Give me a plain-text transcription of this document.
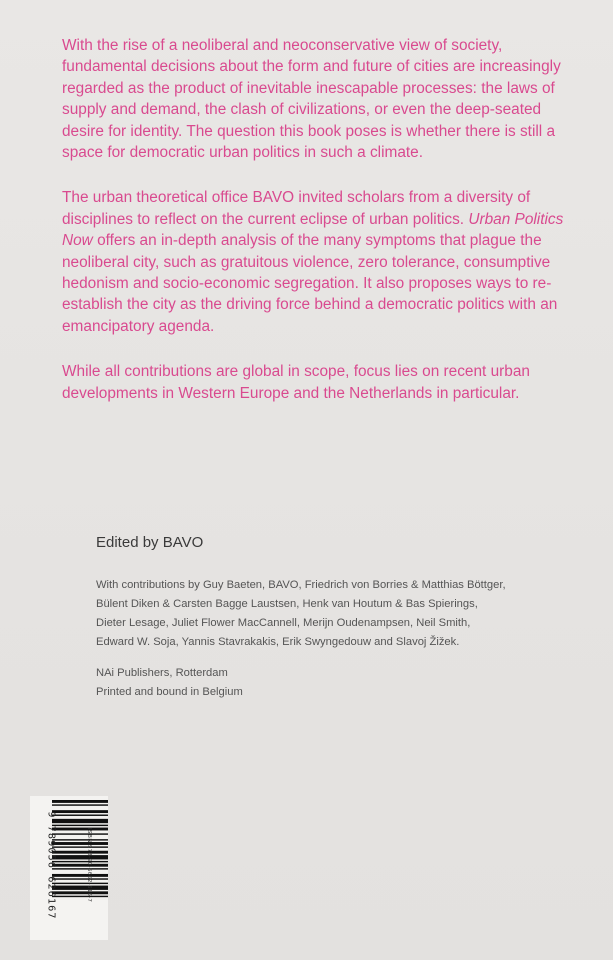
With the rise of a neoliberal and neoconservative view of society, fundamental decisions about the form and future of cities are increasingly regarded as the product of inevitable inescapable processes: the laws of supply and demand, the clash of civilizations, or even the deep-seated desire for identity. The question this book poses is whether there is still a space for democratic urban politics in such a climate.

The urban theoretical office BAVO invited scholars from a diversity of disciplines to reflect on the current eclipse of urban politics. Urban Politics Now offers an in-depth analysis of the many symptoms that plague the neoliberal city, such as gratuitous violence, zero tolerance, consumptive hedonism and socio-economic segregation. It also proposes ways to re-establish the city as the driving force behind a democratic politics with an emancipatory agenda.

While all contributions are global in scope, focus lies on recent urban developments in Western Europe and the Netherlands in particular.

Edited by BAVO
With contributions by Guy Baeten, BAVO, Friedrich von Borries & Matthias Böttger,
Bülent Diken & Carsten Bagge Laustsen, Henk van Houtum & Bas Spierings,
Dieter Lesage, Juliet Flower MacCannell, Merijn Oudenampsen, Neil Smith,
Edward W. Soja, Yannis Stavrakakis, Erik Swyngedouw and Slavoj Žižek.
NAi Publishers, Rotterdam
Printed and bound in Belgium
9 789056 626167	ISBN 978-90-5662-616-7
